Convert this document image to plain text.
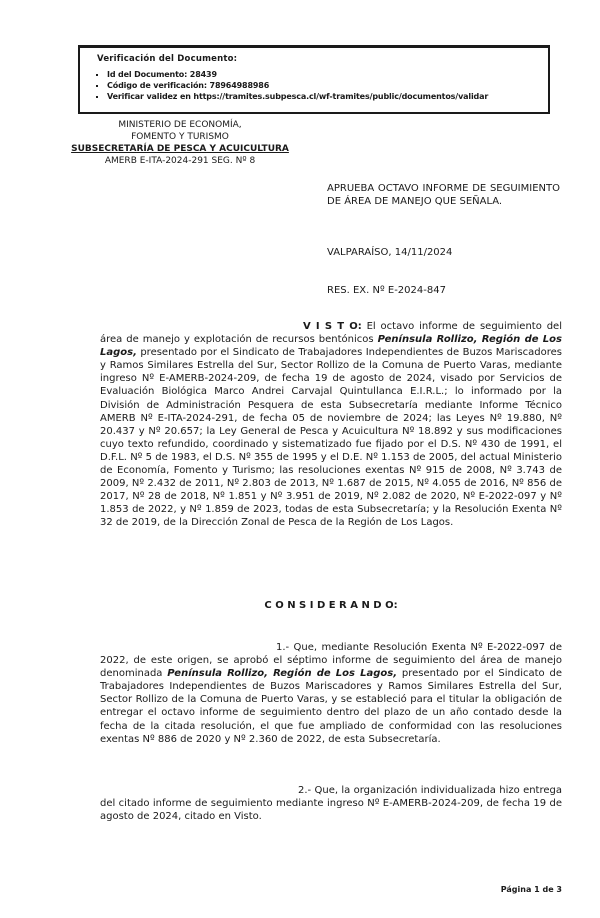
Verificación del Documento:
▪ Id del Documento: 28439
▪ Código de verificación: 78964988986
▪ Verificar validez en https://tramites.subpesca.cl/wf-tramites/public/documentos/validar
MINISTERIO DE ECONOMÍA,
FOMENTO Y TURISMO
SUBSECRETARÍA DE PESCA Y ACUICULTURA
AMERB E-ITA-2024-291 SEG. Nº 8
APRUEBA OCTAVO INFORME DE SEGUIMIENTO DE ÁREA DE MANEJO QUE SEÑALA.
VALPARAÍSO, 14/11/2024
RES. EX. Nº E-2024-847
V I S T O: El octavo informe de seguimiento del área de manejo y explotación de recursos bentónicos Península Rollizo, Región de Los Lagos, presentado por el Sindicato de Trabajadores Independientes de Buzos Mariscadores y Ramos Similares Estrella del Sur, Sector Rollizo de la Comuna de Puerto Varas, mediante ingreso Nº E-AMERB-2024-209, de fecha 19 de agosto de 2024, visado por Servicios de Evaluación Biológica Marco Andrei Carvajal Quintullanca E.I.R.L.; lo informado por la División de Administración Pesquera de esta Subsecretaría mediante Informe Técnico AMERB Nº E-ITA-2024-291, de fecha 05 de noviembre de 2024; las Leyes Nº 19.880, Nº 20.437 y Nº 20.657; la Ley General de Pesca y Acuicultura Nº 18.892 y sus modificaciones cuyo texto refundido, coordinado y sistematizado fue fijado por el D.S. Nº 430 de 1991, el D.F.L. Nº 5 de 1983, el D.S. Nº 355 de 1995 y el D.E. Nº 1.153 de 2005, del actual Ministerio de Economía, Fomento y Turismo; las resoluciones exentas Nº 915 de 2008, Nº 3.743 de 2009, Nº 2.432 de 2011, Nº 2.803 de 2013, Nº 1.687 de 2015, Nº 4.055 de 2016, Nº 856 de 2017, Nº 28 de 2018, Nº 1.851 y Nº 3.951 de 2019, Nº 2.082 de 2020, Nº E-2022-097 y Nº 1.853 de 2022, y Nº 1.859 de 2023, todas de esta Subsecretaría; y la Resolución Exenta Nº 32 de 2019, de la Dirección Zonal de Pesca de la Región de Los Lagos.
C O N S I D E R A N D O:
1.- Que, mediante Resolución Exenta Nº E-2022-097 de 2022, de este origen, se aprobó el séptimo informe de seguimiento del área de manejo denominada Península Rollizo, Región de Los Lagos, presentado por el Sindicato de Trabajadores Independientes de Buzos Mariscadores y Ramos Similares Estrella del Sur, Sector Rollizo de la Comuna de Puerto Varas, y se estableció para el titular la obligación de entregar el octavo informe de seguimiento dentro del plazo de un año contado desde la fecha de la citada resolución, el que fue ampliado de conformidad con las resoluciones exentas Nº 886 de 2020 y Nº 2.360 de 2022, de esta Subsecretaría.
2.- Que, la organización individualizada hizo entrega del citado informe de seguimiento mediante ingreso Nº E-AMERB-2024-209, de fecha 19 de agosto de 2024, citado en Visto.
Página 1 de 3
